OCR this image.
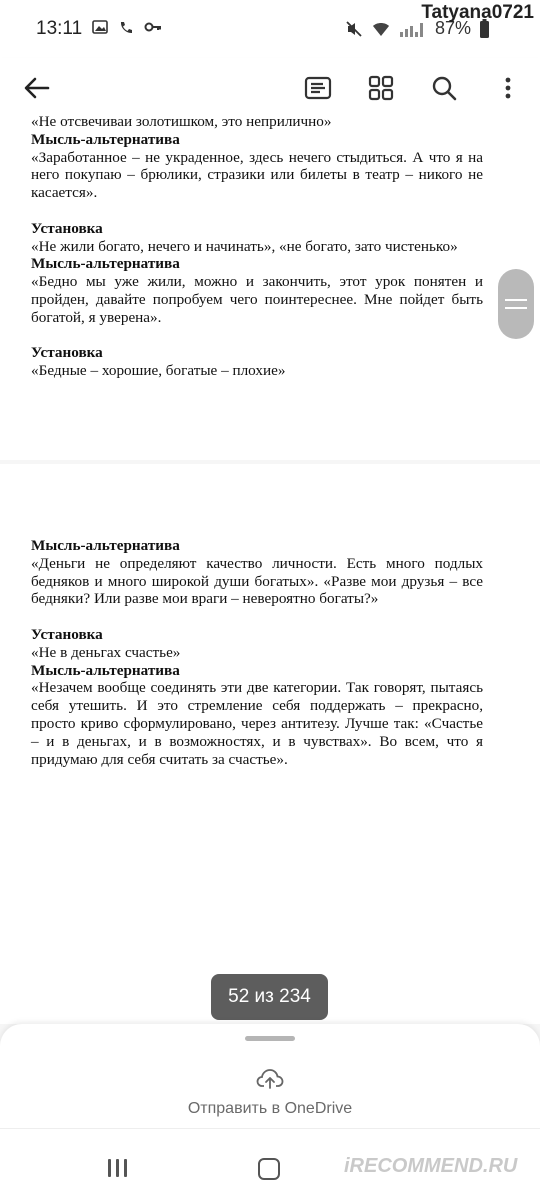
13:11	87%
Tatyana0721

«Не отсвечиваи золотишком, это неприлично»

Мысль-альтернатива

«Заработанное – не украденное, здесь нечего стыдиться. А что я на него покупаю – брюлики, стразики или билеты в театр – никого не касается».

Установка

«Не жили богато, нечего и начинать», «не богато, зато чистенько»

Мысль-альтернатива

«Бедно мы уже жили, можно и закончить, этот урок понятен и пройден, давайте попробуем чего поинтереснее. Мне пойдет быть богатой, я уверена».

Установка

«Бедные – хорошие, богатые – плохие»

Мысль-альтернатива

«Деньги не определяют качество личности. Есть много подлых бедняков и много широкой души богатых». «Разве мои друзья – все бедняки? Или разве мои враги – невероятно богаты?»

Установка

«Не в деньгах счастье»

Мысль-альтернатива

«Незачем вообще соединять эти две категории. Так говорят, пытаясь себя утешить. И это стремление себя поддержать – прекрасно, просто криво сформулировано, через антитезу. Лучше так: «Счастье – и в деньгах, и в возможностях, и в чувствах». Во всем, что я придумаю для себя считать за счастье».

52 из 234
Отправить в OneDrive
iRECOMMEND.RU
